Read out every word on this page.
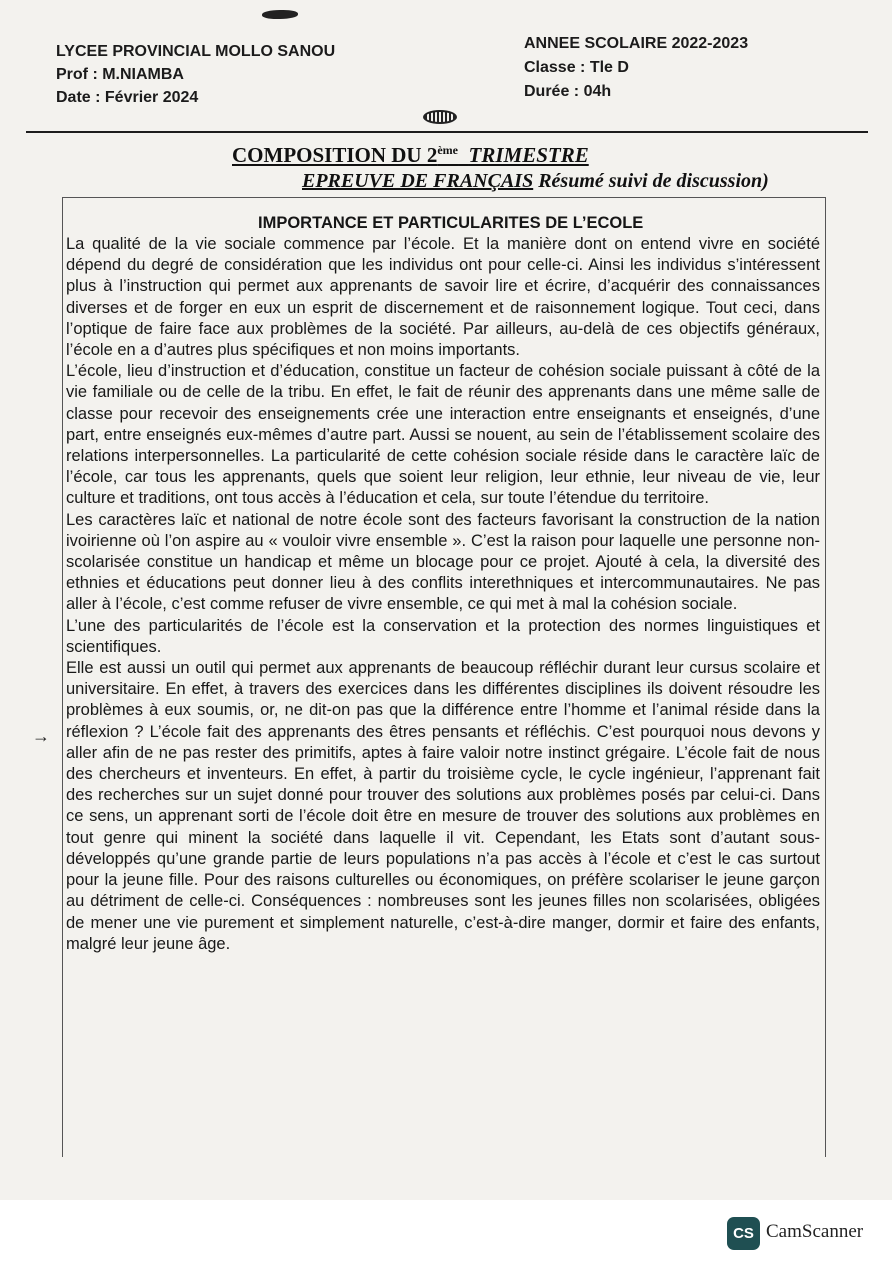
LYCEE PROVINCIAL MOLLO SANOU
Prof : M.NIAMBA
Date : Février 2024
ANNEE SCOLAIRE 2022-2023
Classe : Tle D
Durée : 04h
COMPOSITION DU 2ème TRIMESTRE
EPREUVE DE FRANÇAIS Résumé suivi de discussion)
IMPORTANCE ET PARTICULARITES DE L’ECOLE

La qualité de la vie sociale commence par l’école. Et la manière dont on entend vivre en société dépend du degré de considération que les individus ont pour celle-ci. Ainsi les individus s’intéressent plus à l’instruction qui permet aux apprenants de savoir lire et écrire, d’acquérir des connaissances diverses et de forger en eux un esprit de discernement et de raisonnement logique. Tout ceci, dans l’optique de faire face aux problèmes de la société. Par ailleurs, au-delà de ces objectifs généraux, l’école en a d’autres plus spécifiques et non moins importants.

L’école, lieu d’instruction et d’éducation, constitue un facteur de cohésion sociale puissant à côté de la vie familiale ou de celle de la tribu. En effet, le fait de réunir des apprenants dans une même salle de classe pour recevoir des enseignements crée une interaction entre enseignants et enseignés, d’une part, entre enseignés eux-mêmes d’autre part. Aussi se nouent, au sein de l’établissement scolaire des relations interpersonnelles. La particularité de cette cohésion sociale réside dans le caractère laïc de l’école, car tous les apprenants, quels que soient leur religion, leur ethnie, leur niveau de vie, leur culture et traditions, ont tous accès à l’éducation et cela, sur toute l’étendue du territoire.

Les caractères laïc et national de notre école sont des facteurs favorisant la construction de la nation ivoirienne où l’on aspire au « vouloir vivre ensemble ». C’est la raison pour laquelle une personne non-scolarisée constitue un handicap et même un blocage pour ce projet. Ajouté à cela, la diversité des ethnies et éducations peut donner lieu à des conflits interethniques et intercommunautaires. Ne pas aller à l’école, c’est comme refuser de vivre ensemble, ce qui met à mal la cohésion sociale.

L’une des particularités de l’école est la conservation et la protection des normes linguistiques et scientifiques.

Elle est aussi un outil qui permet aux apprenants de beaucoup réfléchir durant leur cursus scolaire et universitaire. En effet, à travers des exercices dans les différentes disciplines ils doivent résoudre les problèmes à eux soumis, or, ne dit-on pas que la différence entre l’homme et l’animal réside dans la réflexion ? L’école fait des apprenants des êtres pensants et réfléchis. C’est pourquoi nous devons y aller afin de ne pas rester des primitifs, aptes à faire valoir notre instinct grégaire. L’école fait de nous des chercheurs et inventeurs. En effet, à partir du troisième cycle, le cycle ingénieur, l’apprenant fait des recherches sur un sujet donné pour trouver des solutions aux problèmes posés par celui-ci. Dans ce sens, un apprenant sorti de l’école doit être en mesure de trouver des solutions aux problèmes en tout genre qui minent la société dans laquelle il vit. Cependant, les Etats sont d’autant sous-développés qu’une grande partie de leurs populations n’a pas accès à l’école et c’est le cas surtout pour la jeune fille. Pour des raisons culturelles ou économiques, on préfère scolariser le jeune garçon au détriment de celle-ci. Conséquences : nombreuses sont les jeunes filles non scolarisées, obligées de mener une vie purement et simplement naturelle, c’est-à-dire manger, dormir et faire des enfants, malgré leur jeune âge.

→
CS CamScanner
